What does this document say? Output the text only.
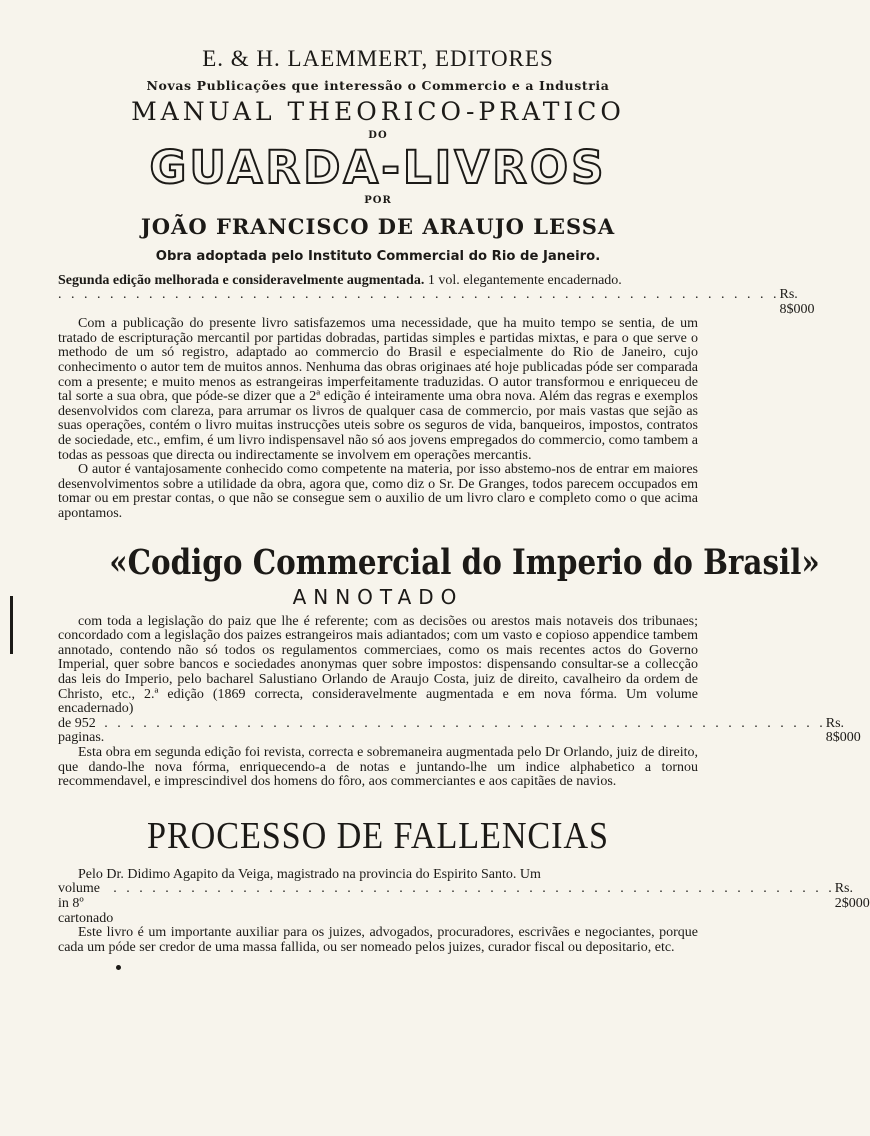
E. & H. LAEMMERT, EDITORES
Novas Publicações que interessão o Commercio e a Industria
MANUAL THEORICO-PRATICO
DO
GUARDA-LIVROS
POR
JOÃO FRANCISCO DE ARAUJO LESSA
Obra adoptada pelo Instituto Commercial do Rio de Janeiro.

Segunda edição melhorada e consideravelmente augmentada. 1 vol. elegantemente encadernado.

. . .
Rs. 8$000

Com a publicação do presente livro satisfazemos uma necessidade, que ha muito tempo se sentia, de um tratado de escripturação mercantil por partidas dobradas, partidas simples e partidas mixtas, e para o que serve o methodo de um só registro, adaptado ao commercio do Brasil e especialmente do Rio de Janeiro, cujo conhecimento o autor tem de muitos annos. Nenhuma das obras originaes até hoje publicadas póde ser comparada com a presente; e muito menos as estrangeiras imperfeitamente traduzidas. O autor transformou e enriqueceu de tal sorte a sua obra, que póde-se dizer que a 2ª edição é inteiramente uma obra nova. Além das regras e exemplos desenvolvidos com clareza, para arrumar os livros de qualquer casa de commercio, por mais vastas que sejão as suas operações, contém o livro muitas instrucções uteis sobre os seguros de vida, banqueiros, impostos, contratos de sociedade, etc., emfim, é um livro indispensavel não só aos jovens empregados do commercio, como tambem a todas as pessoas que directa ou indirectamente se involvem em operações mercantis.

O autor é vantajosamente conhecido como competente na materia, por isso abstemo-nos de entrar em maiores desenvolvimentos sobre a utilidade da obra, agora que, como diz o Sr. De Granges, todos parecem occupados em tomar ou em prestar contas, o que não se consegue sem o auxilio de um livro claro e completo como o que acima apontamos.

«Codigo Commercial do Imperio do Brasil»
ANNOTADO

com toda a legislação do paiz que lhe é referente; com as decisões ou arestos mais notaveis dos tribunaes; concordado com a legislação dos paizes estrangeiros mais adiantados; com um vasto e copioso appendice tambem annotado, contendo não só todos os regulamentos commerciaes, como os mais recentes actos do Governo Imperial, quer sobre bancos e sociedades anonymas quer sobre impostos: dispensando consultar-se a collecção das leis do Imperio, pelo bacharel Salustiano Orlando de Araujo Costa, juiz de direito, cavalheiro da ordem de Christo, etc., 2.ª edição (1869 correcta, consideravelmente augmentada e em nova fórma. Um volume encadernado)

de 952 paginas.
. . .
Rs. 8$000

Esta obra em segunda edição foi revista, correcta e sobremaneira augmentada pelo Dr Orlando, juiz de direito, que dando-lhe nova fórma, enriquecendo-a de notas e juntando-lhe um indice alphabetico a tornou recommendavel, e imprescindivel dos homens do fôro, aos commerciantes e aos capitães de navios.

PROCESSO DE FALLENCIAS

Pelo Dr. Didimo Agapito da Veiga, magistrado na provincia do Espirito Santo. Um

volume in 8º cartonado
. . .
Rs. 2$000

Este livro é um importante auxiliar para os juizes, advogados, procuradores, escrivães e negociantes, porque cada um póde ser credor de uma massa fallida, ou ser nomeado pelos juizes, curador fiscal ou depositario, etc.
